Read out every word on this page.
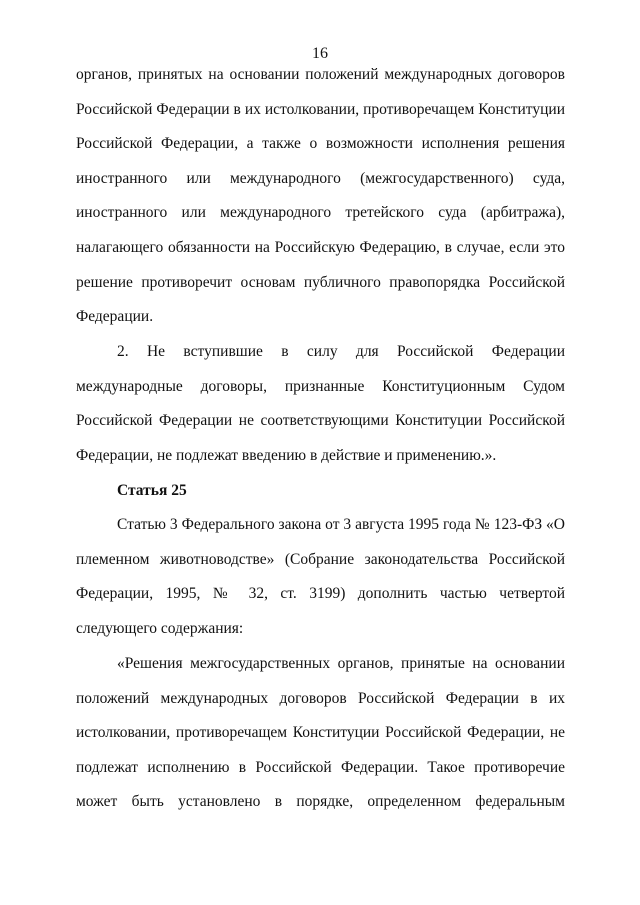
16

органов, принятых на основании положений международных договоров Российской Федерации в их истолковании, противоречащем Конституции Российской Федерации, а также о возможности исполнения решения иностранного или международного (межгосударственного) суда, иностранного или международного третейского суда (арбитража), налагающего обязанности на Российскую Федерацию, в случае, если это решение противоречит основам публичного правопорядка Российской Федерации.

2. Не вступившие в силу для Российской Федерации международные договоры, признанные Конституционным Судом Российской Федерации не соответствующими Конституции Российской Федерации, не подлежат введению в действие и применению.».

Статья 25

Статью 3 Федерального закона от 3 августа 1995 года № 123-ФЗ «О племенном животноводстве» (Собрание законодательства Российской Федерации, 1995, № 32, ст. 3199) дополнить частью четвертой следующего содержания:

«Решения межгосударственных органов, принятые на основании положений международных договоров Российской Федерации в их истолковании, противоречащем Конституции Российской Федерации, не подлежат исполнению в Российской Федерации. Такое противоречие может быть установлено в порядке, определенном федеральным
